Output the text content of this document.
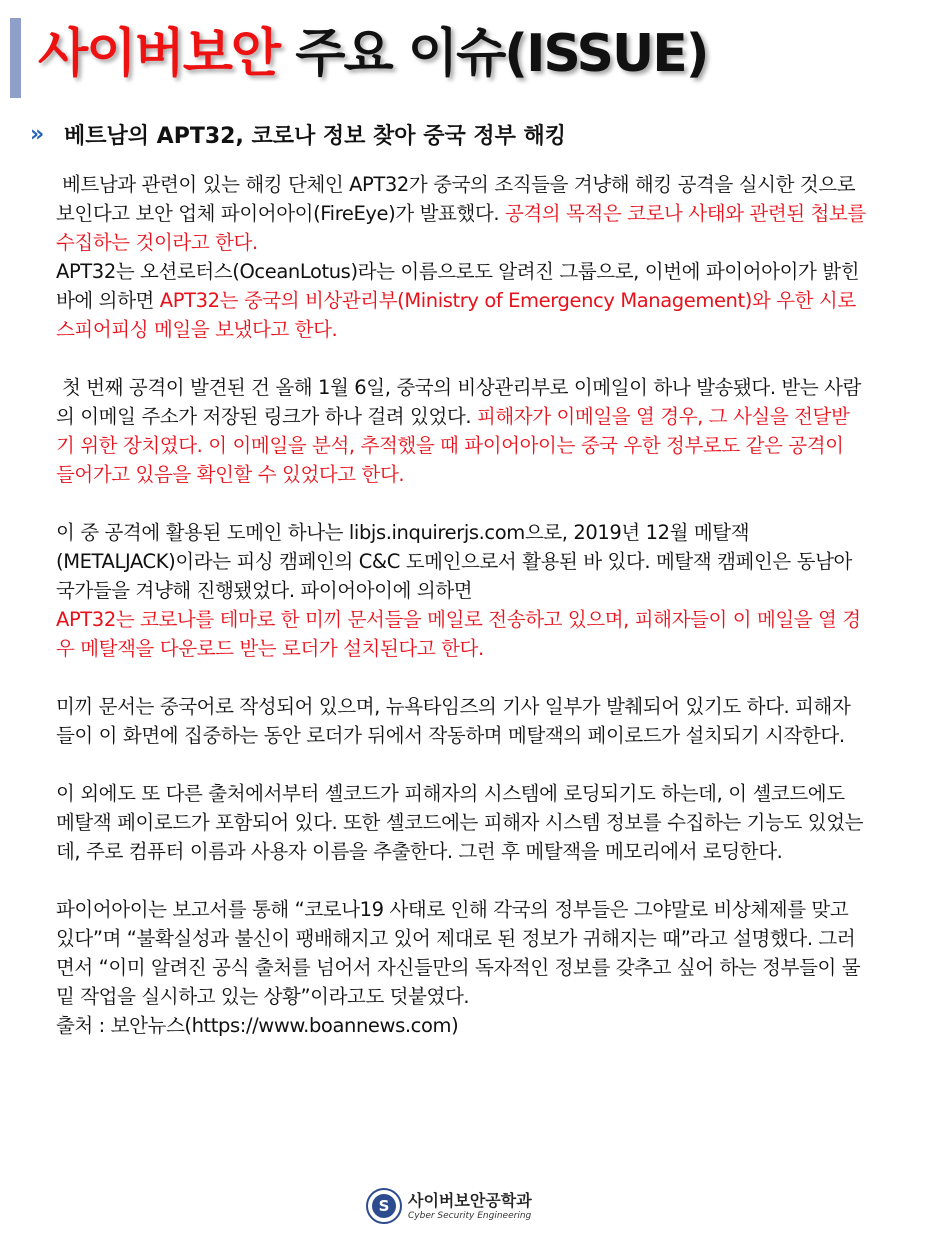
사이버보안 주요 이슈(ISSUE)
»	베트남의 APT32, 코로나 정보 찾아 중국 정부 해킹

베트남과 관련이 있는 해킹 단체인 APT32가 중국의 조직들을 겨냥해 해킹 공격을 실시한 것으로 보인다고 보안 업체 파이어아이(FireEye)가 발표했다. 공격의 목적은 코로나 사태와 관련된 첩보를 수집하는 것이라고 한다.
APT32는 오션로터스(OceanLotus)라는 이름으로도 알려진 그룹으로, 이번에 파이어아이가 밝힌 바에 의하면 APT32는 중국의 비상관리부(Ministry of Emergency Management)와 우한 시로 스피어피싱 메일을 보냈다고 한다.

첫 번째 공격이 발견된 건 올해 1월 6일, 중국의 비상관리부로 이메일이 하나 발송됐다. 받는 사람의 이메일 주소가 저장된 링크가 하나 걸려 있었다. 피해자가 이메일을 열 경우, 그 사실을 전달받기 위한 장치였다. 이 이메일을 분석, 추적했을 때 파이어아이는 중국 우한 정부로도 같은 공격이 들어가고 있음을 확인할 수 있었다고 한다.

이 중 공격에 활용된 도메인 하나는 libjs.inquirerjs.com으로, 2019년 12월 메탈잭(METALJACK)이라는 피싱 캠페인의 C&C 도메인으로서 활용된 바 있다. 메탈잭 캠페인은 동남아 국가들을 겨냥해 진행됐었다. 파이어아이에 의하면
APT32는 코로나를 테마로 한 미끼 문서들을 메일로 전송하고 있으며, 피해자들이 이 메일을 열 경우 메탈잭을 다운로드 받는 로더가 설치된다고 한다.

미끼 문서는 중국어로 작성되어 있으며, 뉴욕타임즈의 기사 일부가 발췌되어 있기도 하다. 피해자들이 이 화면에 집중하는 동안 로더가 뒤에서 작동하며 메탈잭의 페이로드가 설치되기 시작한다.

이 외에도 또 다른 출처에서부터 셸코드가 피해자의 시스템에 로딩되기도 하는데, 이 셸코드에도 메탈잭 페이로드가 포함되어 있다. 또한 셸코드에는 피해자 시스템 정보를 수집하는 기능도 있었는데, 주로 컴퓨터 이름과 사용자 이름을 추출한다. 그런 후 메탈잭을 메모리에서 로딩한다.

파이어아이는 보고서를 통해 “코로나19 사태로 인해 각국의 정부들은 그야말로 비상체제를 맞고 있다”며 “불확실성과 불신이 팽배해지고 있어 제대로 된 정보가 귀해지는 때”라고 설명했다. 그러면서 “이미 알려진 공식 출처를 넘어서 자신들만의 독자적인 정보를 갖추고 싶어 하는 정부들이 물밑 작업을 실시하고 있는 상황”이라고도 덧붙였다.

출처 : 보안뉴스(https://www.boannews.com)
S	사이버보안공학과
Cyber Security Engineering
